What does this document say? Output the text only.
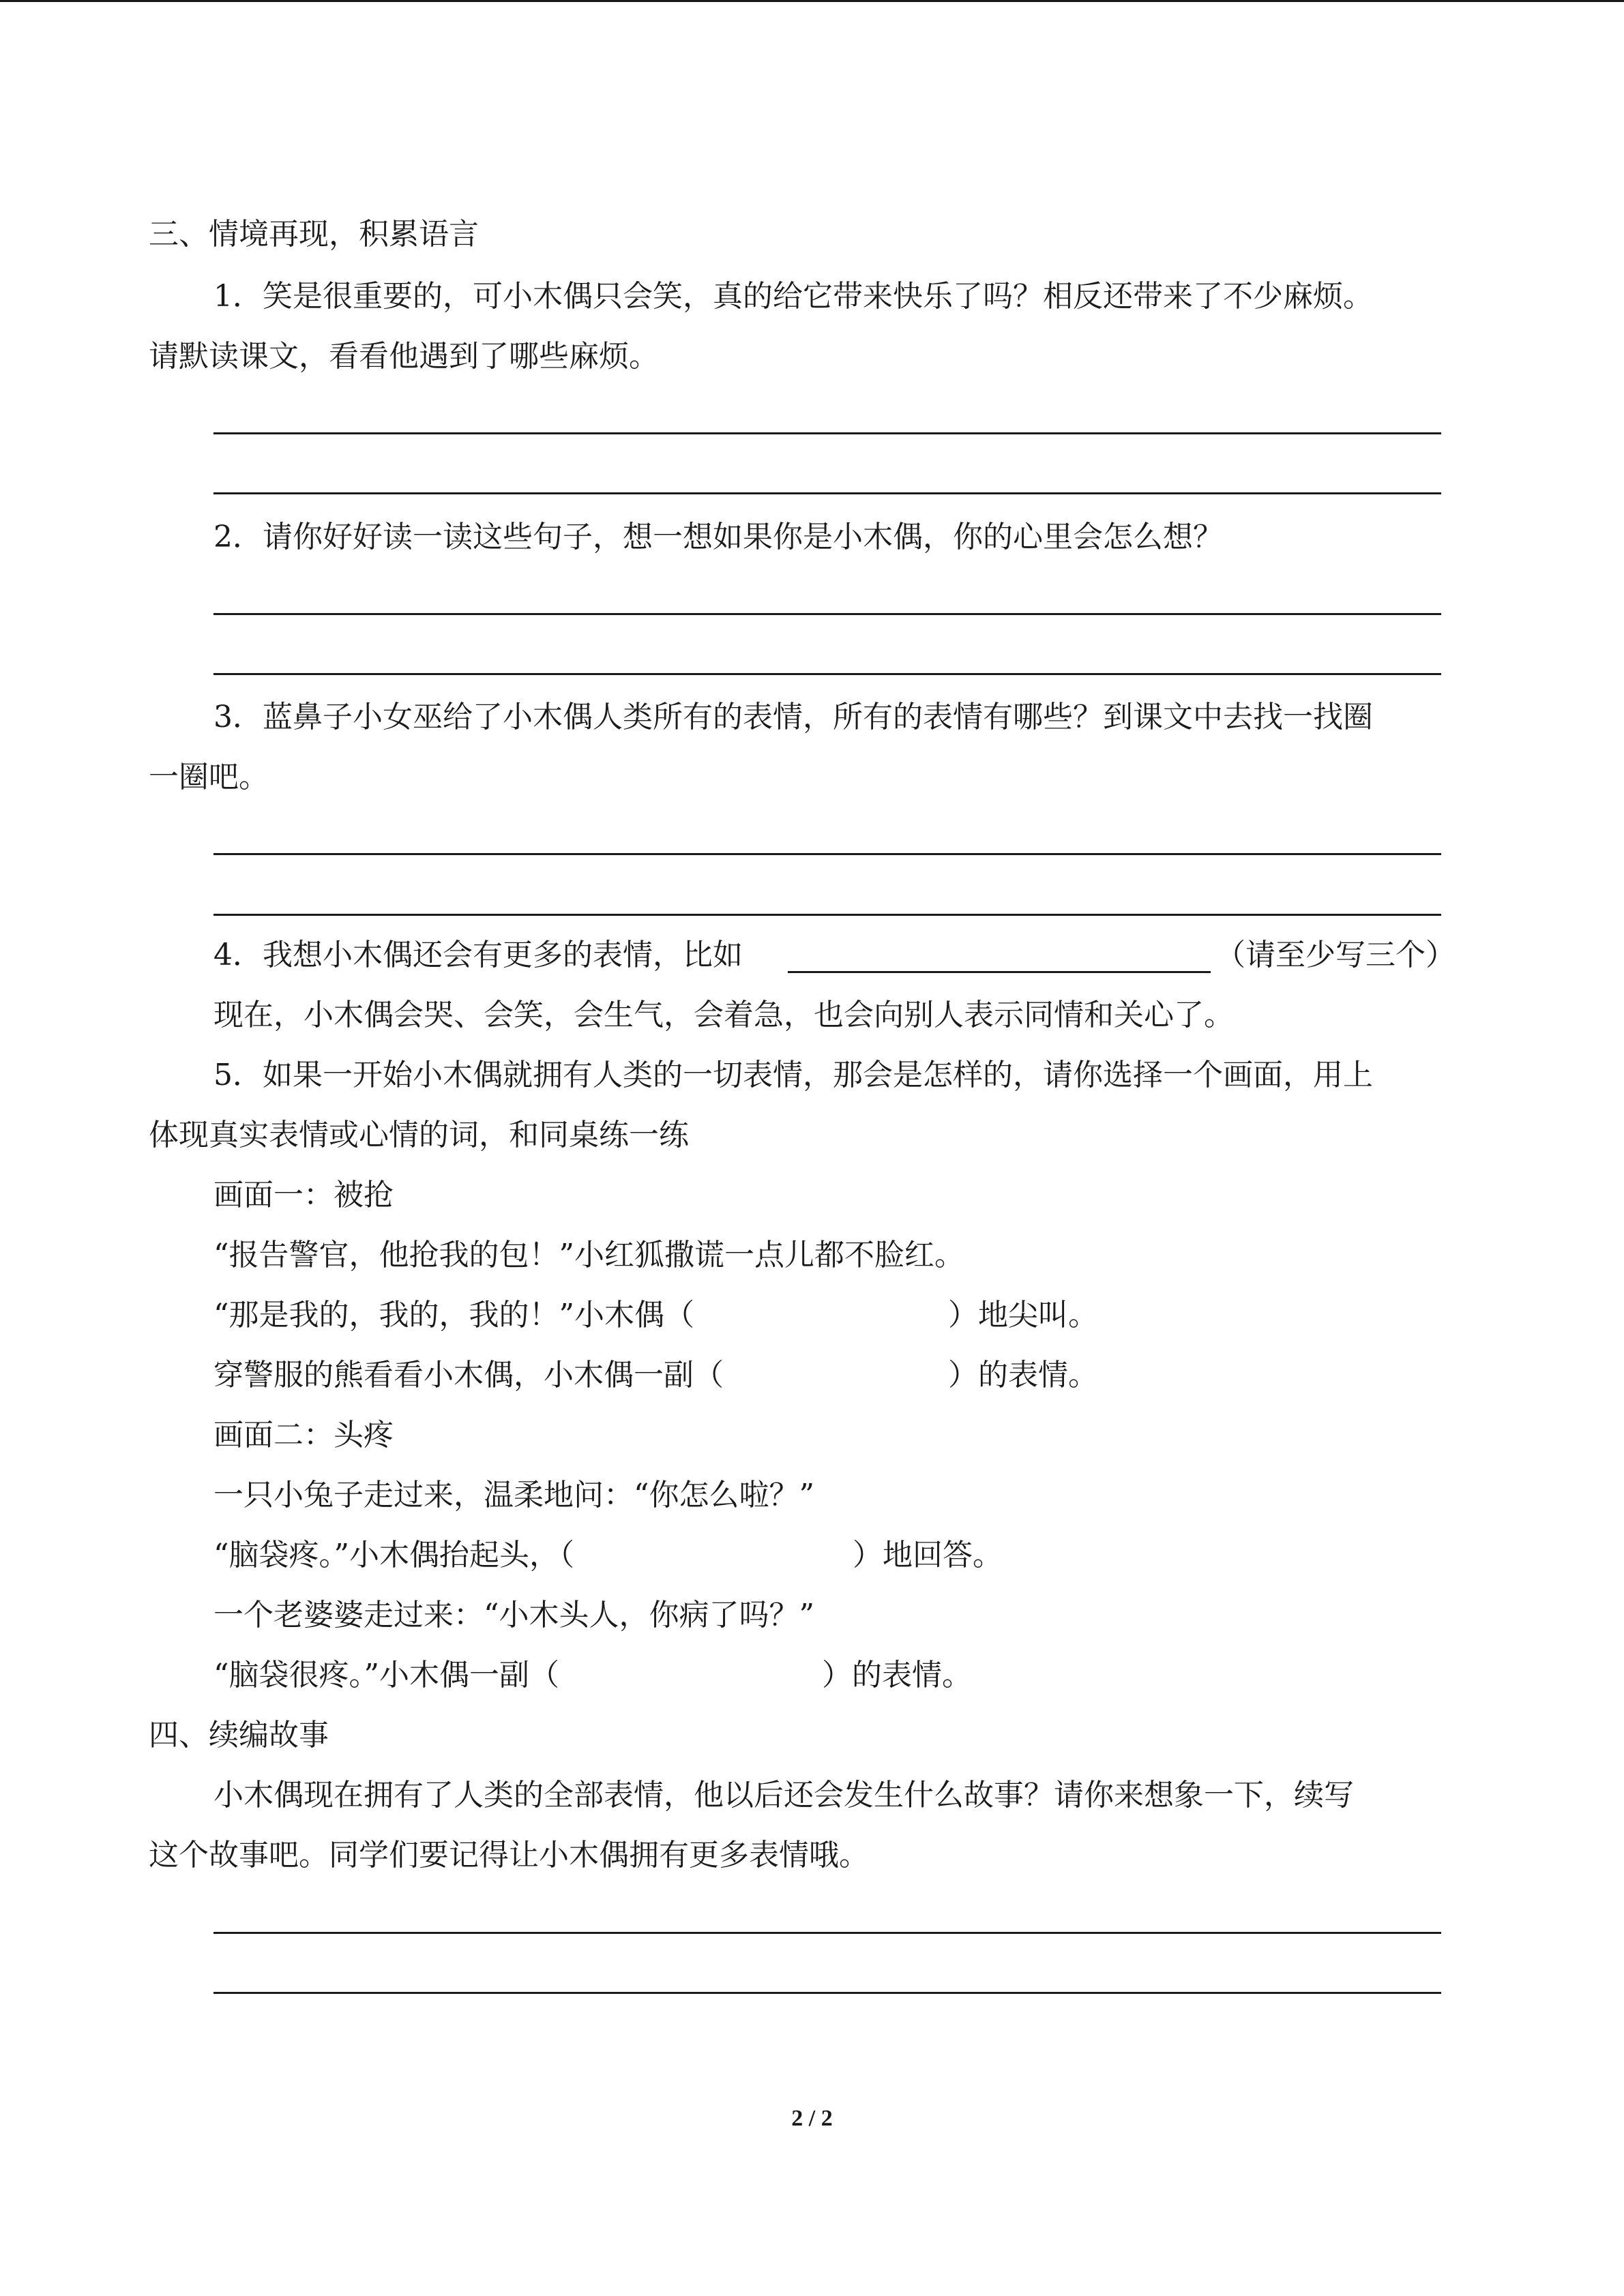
三、情境再现，积累语言
1．笑是很重要的，可小木偶只会笑，真的给它带来快乐了吗？相反还带来了不少麻烦。
请默读课文，看看他遇到了哪些麻烦。
2．请你好好读一读这些句子，想一想如果你是小木偶，你的心里会怎么想？
3．蓝鼻子小女巫给了小木偶人类所有的表情，所有的表情有哪些？到课文中去找一找圈
一圈吧。
4．我想小木偶还会有更多的表情，比如	（请至少写三个）
现在，小木偶会哭、会笑，会生气，会着急，也会向别人表示同情和关心了。
5．如果一开始小木偶就拥有人类的一切表情，那会是怎样的，请你选择一个画面，用上
体现真实表情或心情的词，和同桌练一练
画面一：被抢
“报告警官，他抢我的包！”小红狐撒谎一点儿都不脸红。
“那是我的，我的，我的！”小木偶（	）地尖叫。
穿警服的熊看看小木偶，小木偶一副（	）的表情。
画面二：头疼
一只小兔子走过来，温柔地问：“你怎么啦？”
“脑袋疼。”小木偶抬起头，（	）地回答。
一个老婆婆走过来：“小木头人，你病了吗？”
“脑袋很疼。”小木偶一副（	）的表情。
四、续编故事
小木偶现在拥有了人类的全部表情，他以后还会发生什么故事？请你来想象一下，续写
这个故事吧。同学们要记得让小木偶拥有更多表情哦。
2 / 2
